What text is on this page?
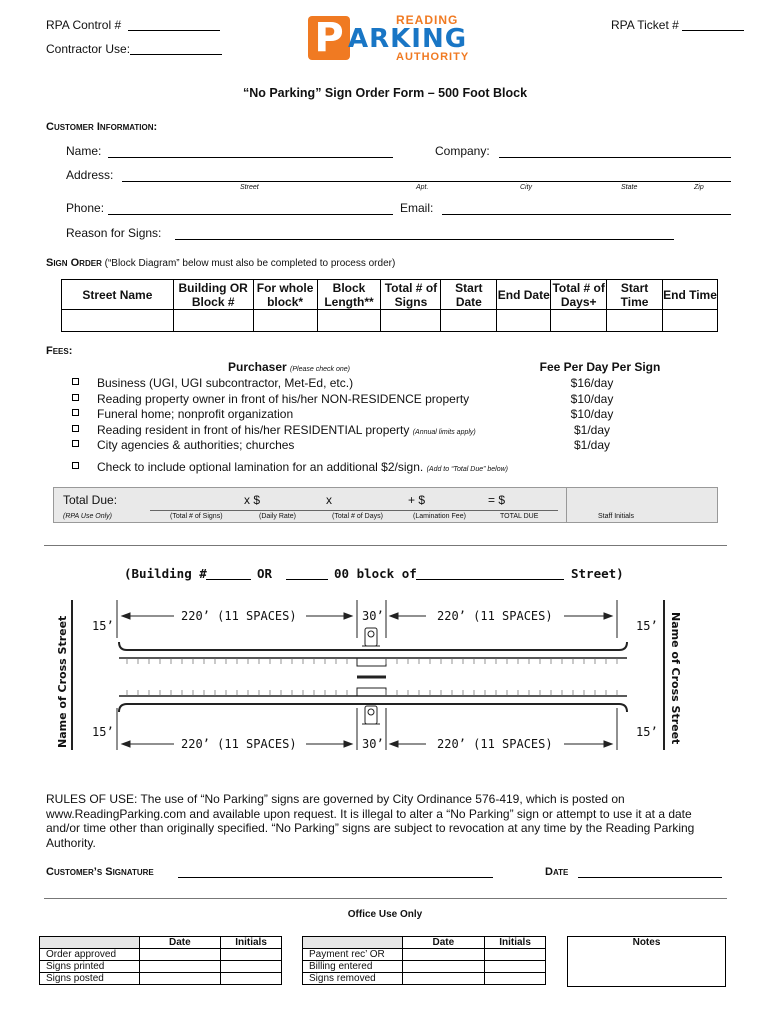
RPA Control #
Contractor Use:
RPA Ticket #
P	READING
ARKING
AUTHORITY
“No Parking” Sign Order Form – 500 Foot Block
Customer Information:
Name:	Company:
Address:
Street	Apt.	City	State	Zip
Phone:	Email:
Reason for Signs:
Sign Order (“Block Diagram” below must also be completed to process order)
Street Name	Building OR Block #	For whole block*	Block Length**	Total # of Signs	Start Date	End Date	Total # of Days+	Start Time	End Time

Fees:
Purchaser (Please check one)	Fee Per Day Per Sign
Business (UGI, UGI subcontractor, Met-Ed, etc.)	$16/day
Reading property owner in front of his/her NON-RESIDENCE property	$10/day
Funeral home; nonprofit organization	$10/day
Reading resident in front of his/her RESIDENTIAL property (Annual limits apply)	$1/day
City agencies & authorities; churches	$1/day
Check to include optional lamination for an additional $2/sign. (Add to “Total Due” below)
Total Due:	x $	x	+ $	= $
(RPA Use Only)	(Total # of Signs)	(Daily Rate)	(Total # of Days)	(Lamination Fee)	TOTAL DUE	Staff Initials
(Building #	OR	00 block of	Street)
15’
220’ (11 SPACES)	30’	220’ (11 SPACES)
15’
15’
220’ (11 SPACES)	30’	220’ (11 SPACES)
15’
Name of Cross Street	Name of Cross Street
RULES OF USE: The use of “No Parking” signs are governed by City Ordinance 576-419, which is posted on www.ReadingParking.com and available upon request. It is illegal to alter a “No Parking” sign or attempt to use it at a date and/or time other than originally specified. “No Parking” signs are subject to revocation at any time by the Reading Parking Authority.
Customer’s Signature	Date
Office Use Only
	Date	Initials
Order approved		
Signs printed		
Signs posted		
	Date	Initials
Payment rec’ OR		
Billing entered		
Signs removed		
Notes
